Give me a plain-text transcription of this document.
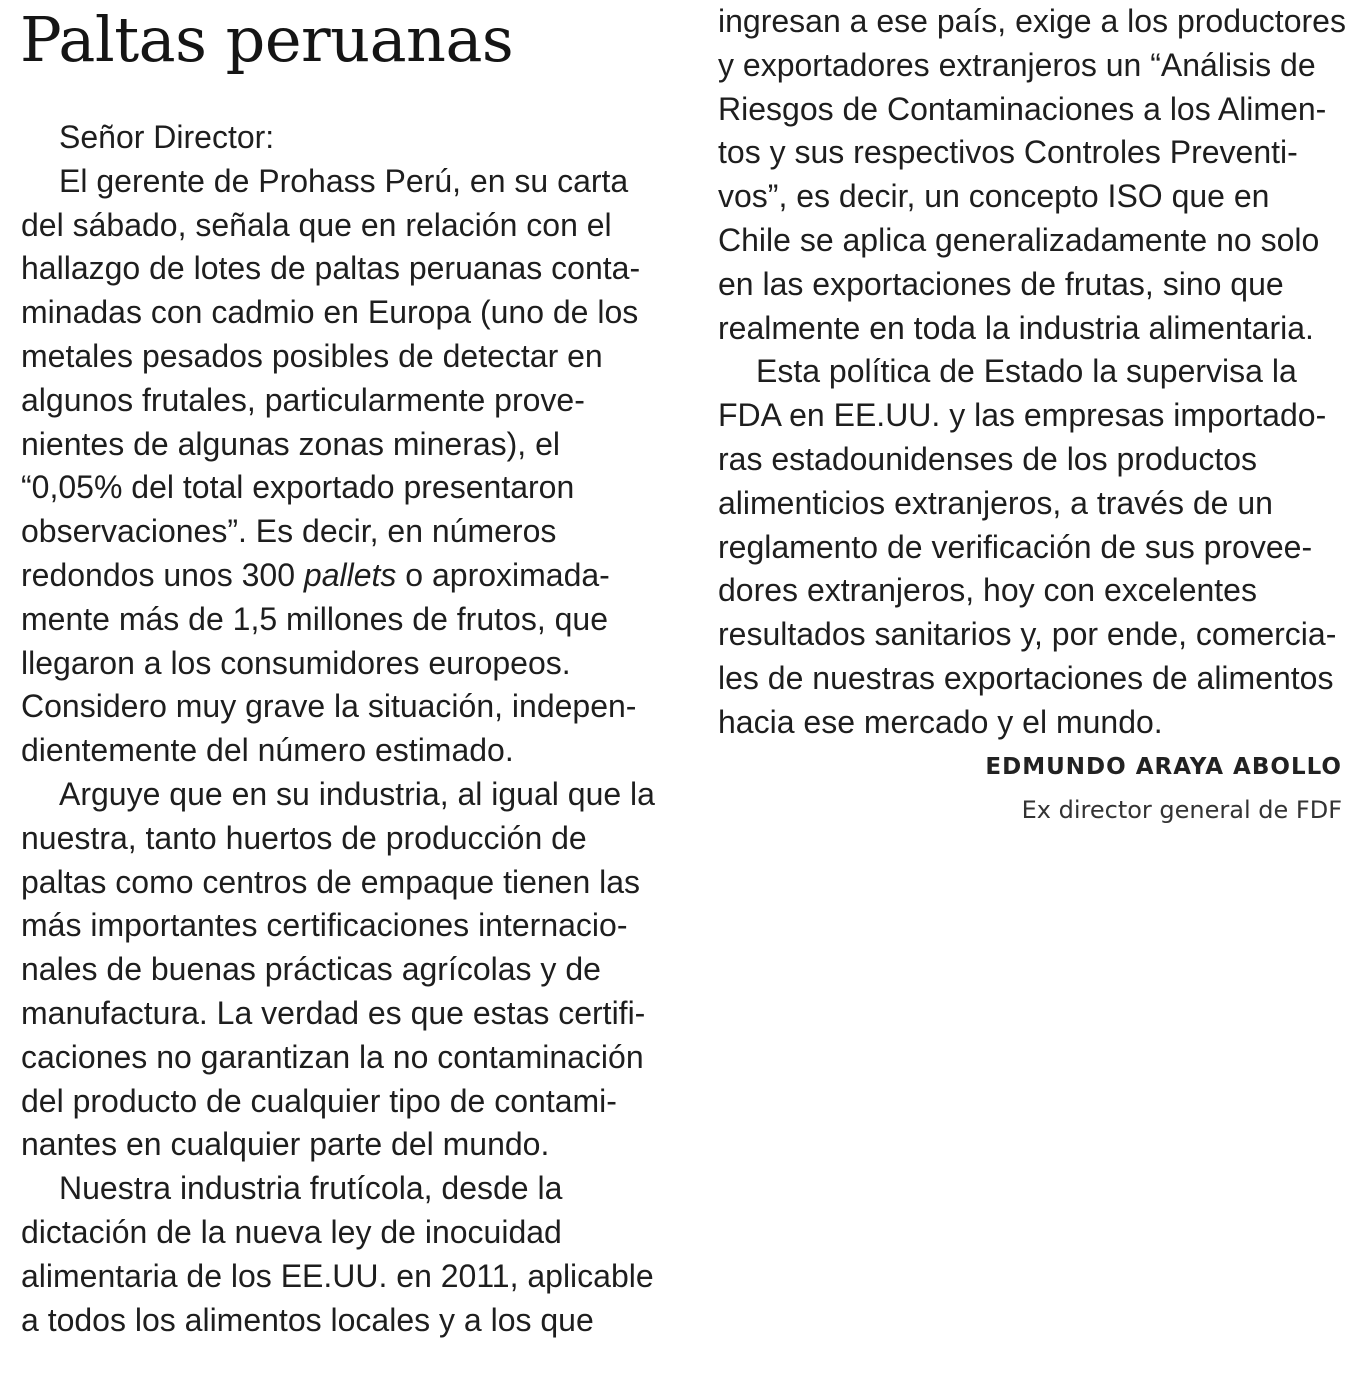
Paltas peruanas
Señor Director:
El gerente de Prohass Perú, en su carta
del sábado, señala que en relación con el
hallazgo de lotes de paltas peruanas conta-
minadas con cadmio en Europa (uno de los
metales pesados posibles de detectar en
algunos frutales, particularmente prove-
nientes de algunas zonas mineras), el
“0,05% del total exportado presentaron
observaciones”. Es decir, en números
redondos unos 300 pallets o aproximada-
mente más de 1,5 millones de frutos, que
llegaron a los consumidores europeos.
Considero muy grave la situación, indepen-
dientemente del número estimado.
Arguye que en su industria, al igual que la
nuestra, tanto huertos de producción de
paltas como centros de empaque tienen las
más importantes certificaciones internacio-
nales de buenas prácticas agrícolas y de
manufactura. La verdad es que estas certifi-
caciones no garantizan la no contaminación
del producto de cualquier tipo de contami-
nantes en cualquier parte del mundo.
Nuestra industria frutícola, desde la
dictación de la nueva ley de inocuidad
alimentaria de los EE.UU. en 2011, aplicable
a todos los alimentos locales y a los que
ingresan a ese país, exige a los productores
y exportadores extranjeros un “Análisis de
Riesgos de Contaminaciones a los Alimen-
tos y sus respectivos Controles Preventi-
vos”, es decir, un concepto ISO que en
Chile se aplica generalizadamente no solo
en las exportaciones de frutas, sino que
realmente en toda la industria alimentaria.
Esta política de Estado la supervisa la
FDA en EE.UU. y las empresas importado-
ras estadounidenses de los productos
alimenticios extranjeros, a través de un
reglamento de verificación de sus provee-
dores extranjeros, hoy con excelentes
resultados sanitarios y, por ende, comercia-
les de nuestras exportaciones de alimentos
hacia ese mercado y el mundo.
EDMUNDO ARAYA ABOLLO
Ex director general de FDF
